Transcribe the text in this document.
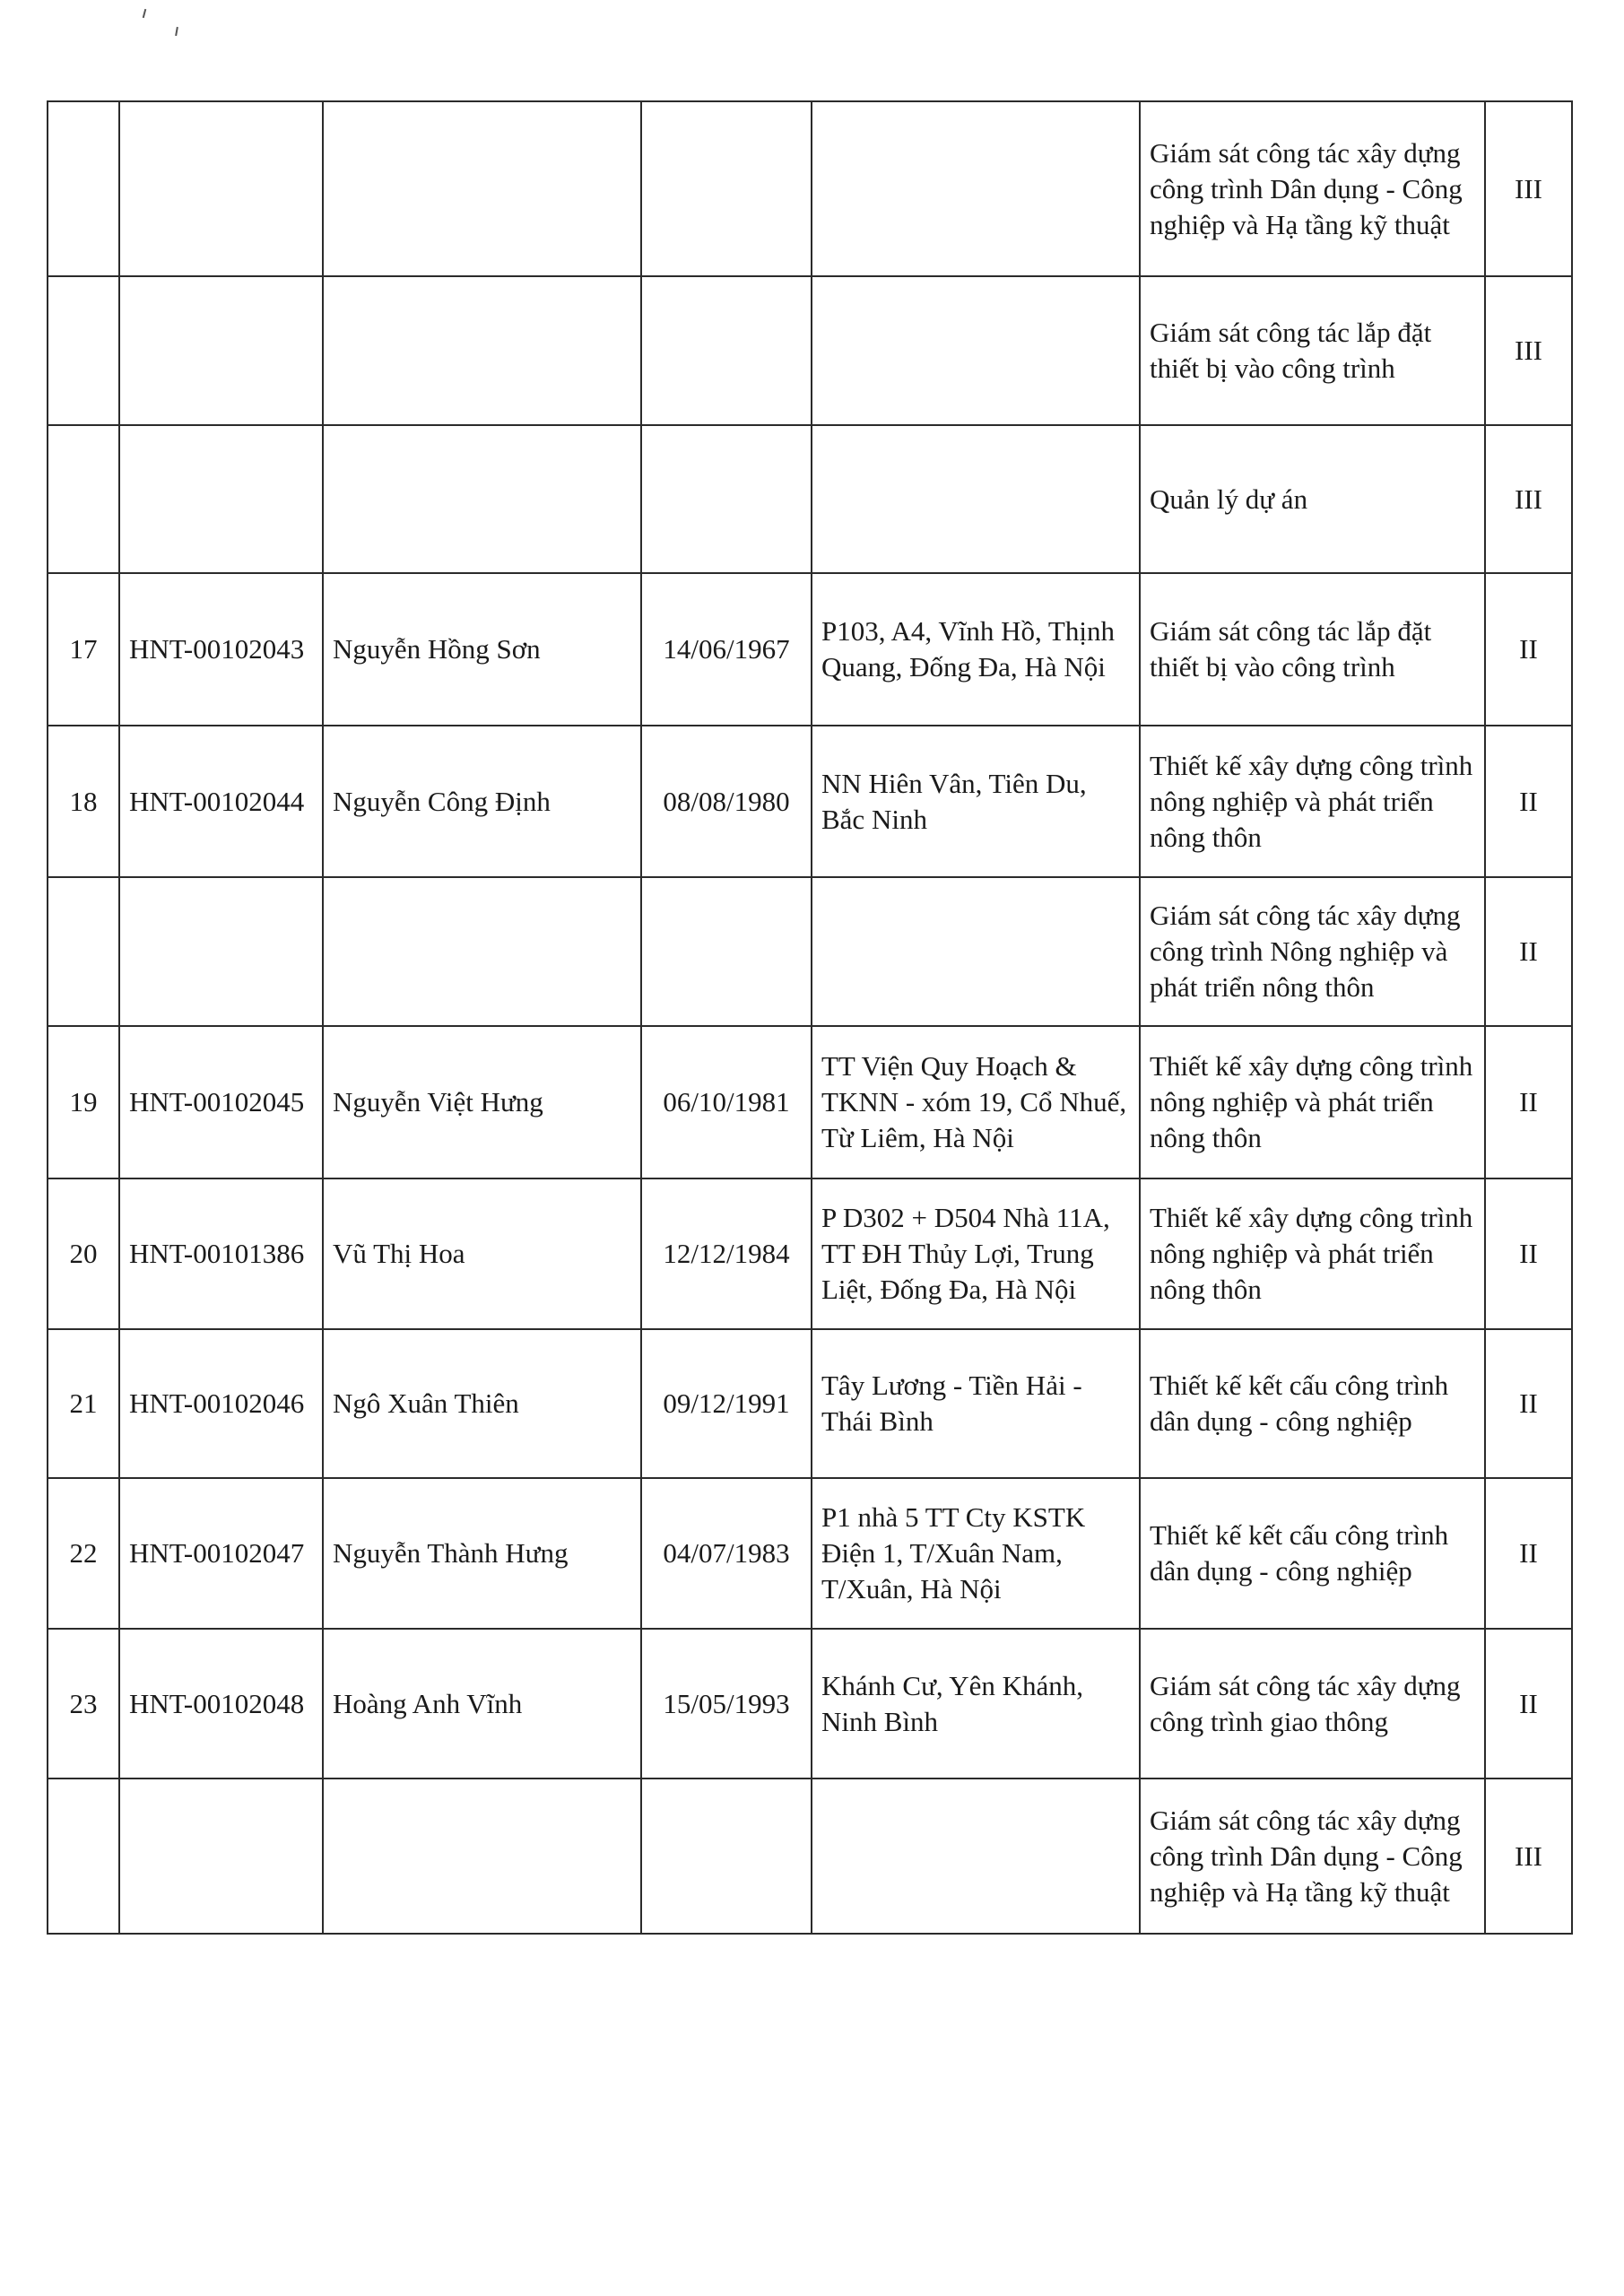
					Giám sát công tác xây dựng công trình Dân dụng - Công nghiệp và Hạ tầng kỹ thuật	III
					Giám sát công tác lắp đặt thiết bị vào công trình	III
					Quản lý dự án	III
17	HNT-00102043	Nguyễn Hồng Sơn	14/06/1967	P103, A4, Vĩnh Hồ, Thịnh Quang, Đống Đa, Hà Nội	Giám sát công tác lắp đặt thiết bị vào công trình	II
18	HNT-00102044	Nguyễn Công Định	08/08/1980	NN Hiên Vân, Tiên Du, Bắc Ninh	Thiết kế xây dựng công trình nông nghiệp và phát triển nông thôn	II
					Giám sát công tác xây dựng công trình Nông nghiệp và phát triển nông thôn	II
19	HNT-00102045	Nguyễn Việt Hưng	06/10/1981	TT Viện Quy Hoạch & TKNN - xóm 19, Cổ Nhuế, Từ Liêm, Hà Nội	Thiết kế xây dựng công trình nông nghiệp và phát triển nông thôn	II
20	HNT-00101386	Vũ Thị Hoa	12/12/1984	P D302 + D504 Nhà 11A, TT ĐH Thủy Lợi, Trung Liệt, Đống Đa, Hà Nội	Thiết kế xây dựng công trình nông nghiệp và phát triển nông thôn	II
21	HNT-00102046	Ngô Xuân Thiên	09/12/1991	Tây Lương - Tiền Hải - Thái Bình	Thiết kế kết cấu công trình dân dụng - công nghiệp	II
22	HNT-00102047	Nguyễn Thành Hưng	04/07/1983	P1 nhà 5 TT Cty KSTK Điện 1, T/Xuân Nam, T/Xuân, Hà Nội	Thiết kế kết cấu công trình dân dụng - công nghiệp	II
23	HNT-00102048	Hoàng Anh Vĩnh	15/05/1993	Khánh Cư, Yên Khánh, Ninh Bình	Giám sát công tác xây dựng công trình giao thông	II
					Giám sát công tác xây dựng công trình Dân dụng - Công nghiệp và Hạ tầng kỹ thuật	III
